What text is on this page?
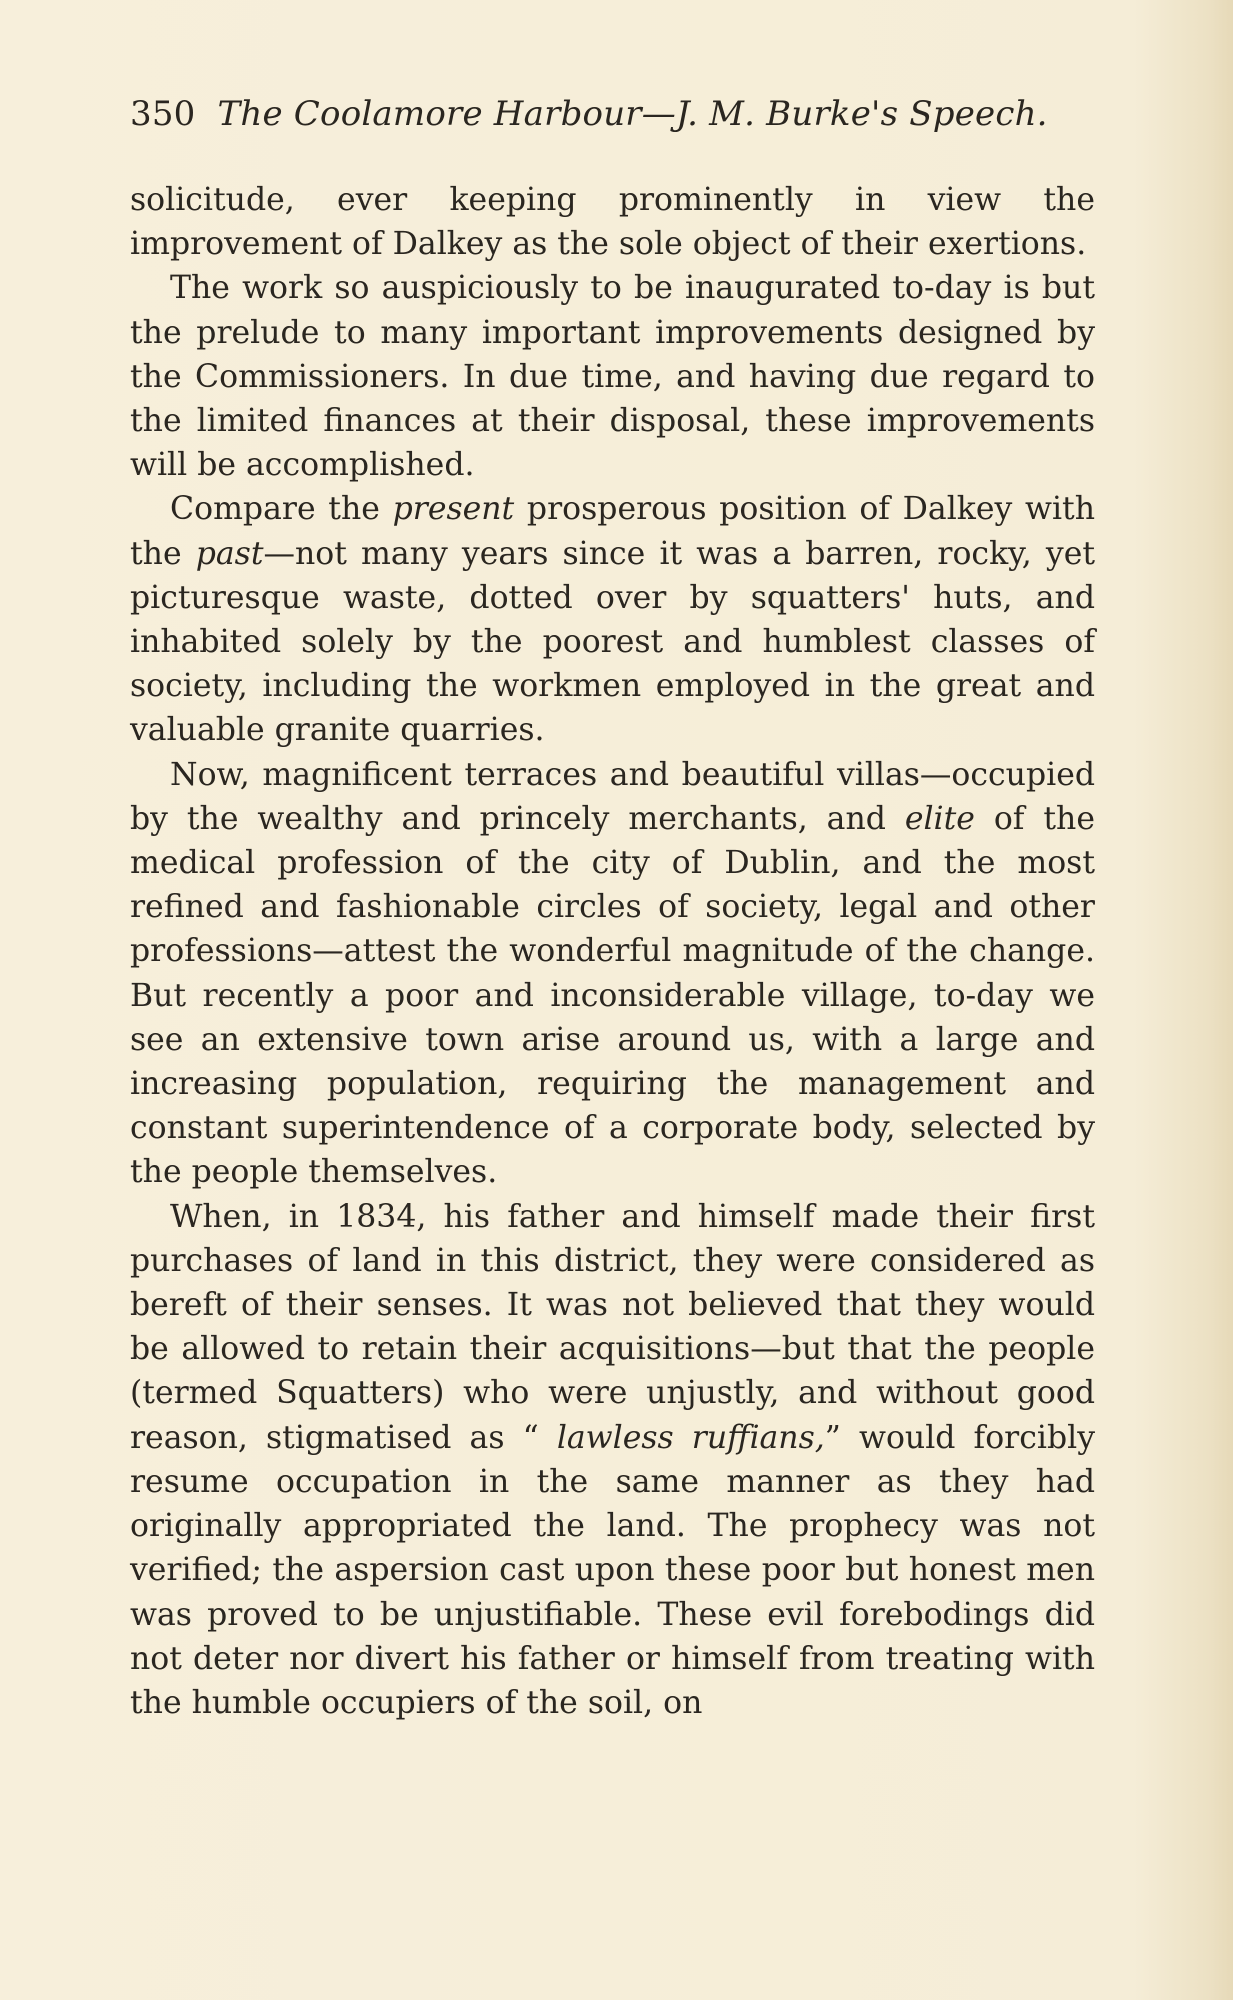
350 The Coolamore Harbour—J. M. Burke's Speech.

solicitude, ever keeping prominently in view the improvement of Dalkey as the sole object of their exertions.

The work so auspiciously to be inaugurated to-day is but the prelude to many important improvements designed by the Commissioners. In due time, and having due regard to the limited finances at their disposal, these improvements will be accomplished.

Compare the present prosperous position of Dalkey with the past—not many years since it was a barren, rocky, yet picturesque waste, dotted over by squatters' huts, and inhabited solely by the poorest and humblest classes of society, including the workmen employed in the great and valuable granite quarries.

Now, magnificent terraces and beautiful villas—occupied by the wealthy and princely merchants, and elite of the medical profession of the city of Dublin, and the most refined and fashionable circles of society, legal and other professions—attest the wonderful magnitude of the change. But recently a poor and inconsiderable village, to-day we see an extensive town arise around us, with a large and increasing population, requiring the management and constant superintendence of a corporate body, selected by the people themselves.

When, in 1834, his father and himself made their first purchases of land in this district, they were considered as bereft of their senses. It was not believed that they would be allowed to retain their acquisitions—but that the people (termed Squatters) who were unjustly, and without good reason, stigmatised as “ lawless ruffians,” would forcibly resume occupation in the same manner as they had originally appropriated the land. The prophecy was not verified; the aspersion cast upon these poor but honest men was proved to be unjustifiable. These evil forebodings did not deter nor divert his father or himself from treating with the humble occupiers of the soil, on
